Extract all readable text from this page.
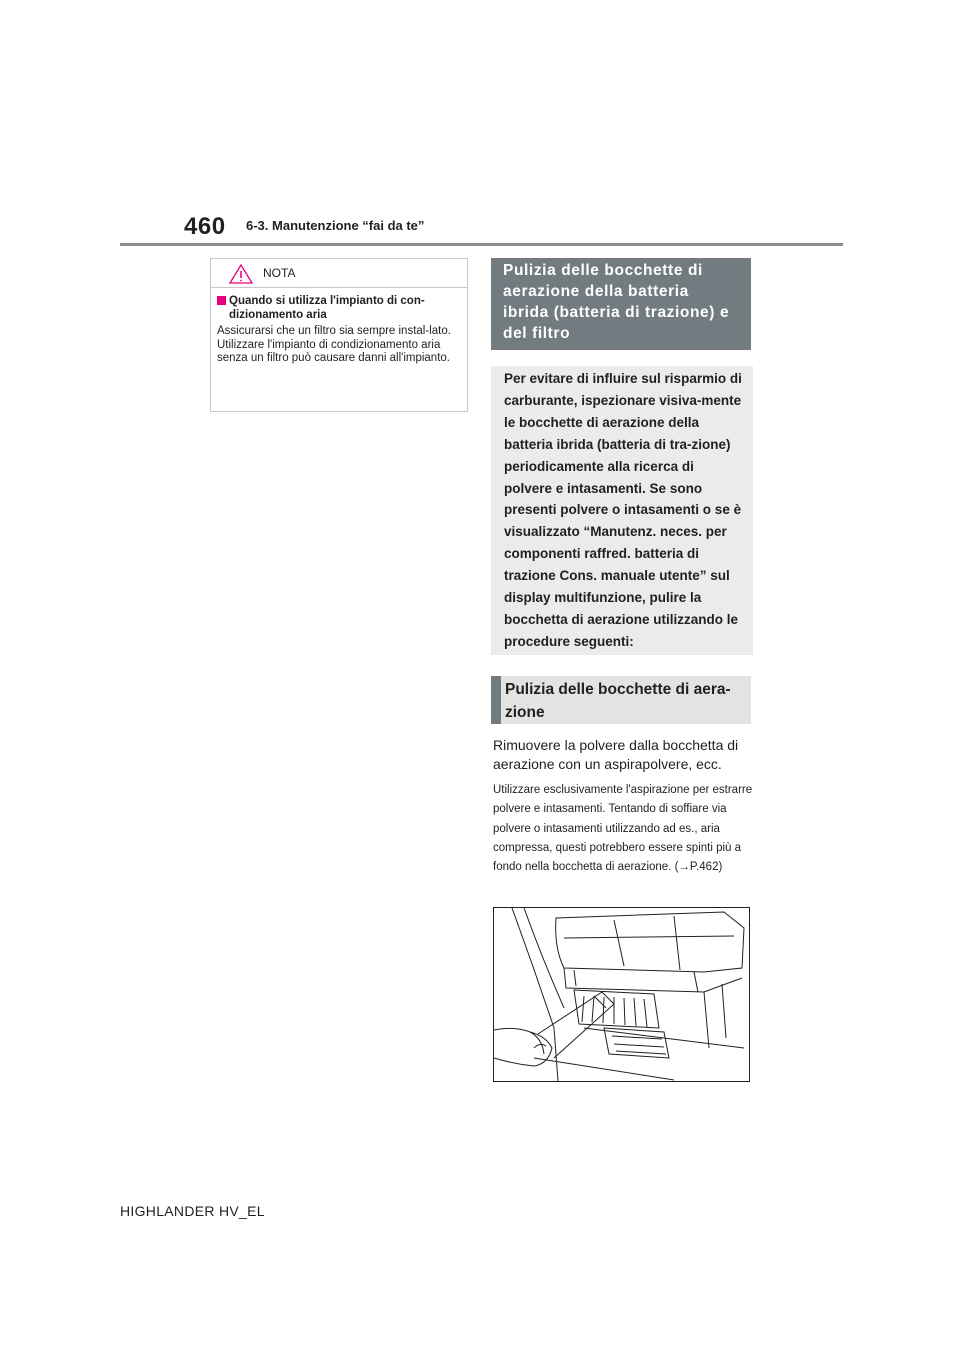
460 6-3. Manutenzione “fai da te”
NOTA
Quando si utilizza l'impianto di con-dizionamento aria
Assicurarsi che un filtro sia sempre instal-lato. Utilizzare l'impianto di condizionamento aria senza un filtro può causare danni all'impianto.
Pulizia delle bocchette di aerazione della batteria ibrida (batteria di trazione) e del filtro
Per evitare di influire sul risparmio di carburante, ispezionare visiva-mente le bocchette di aerazione della batteria ibrida (batteria di tra-zione) periodicamente alla ricerca di polvere e intasamenti. Se sono presenti polvere o intasamenti o se è visualizzato “Manutenz. neces. per componenti raffred. batteria di trazione Cons. manuale utente” sul display multifunzione, pulire la bocchetta di aerazione utilizzando le procedure seguenti:
Pulizia delle bocchette di aera-zione
Rimuovere la polvere dalla bocchetta di aerazione con un aspirapolvere, ecc.
Utilizzare esclusivamente l'aspirazione per estrarre polvere e intasamenti. Tentando di soffiare via polvere o intasamenti utilizzando ad es., aria compressa, questi potrebbero essere spinti più a fondo nella bocchetta di aerazione. (→P.462)
HIGHLANDER HV_EL
